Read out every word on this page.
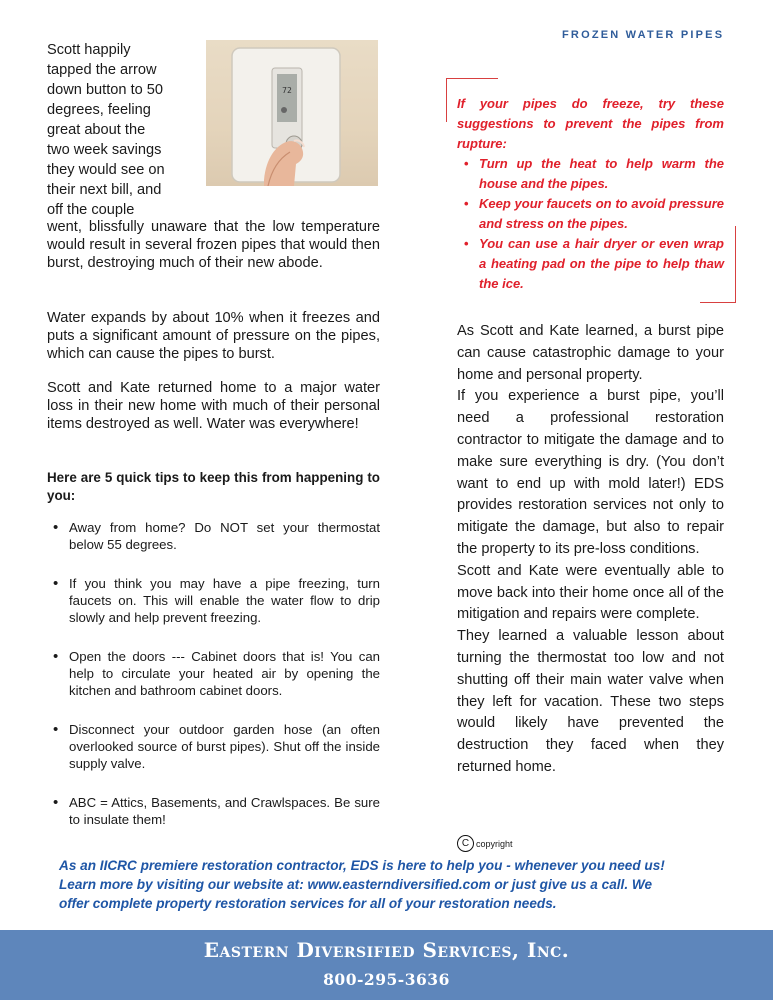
FROZEN WATER PIPES
72
Scott happily
tapped the arrow
down button to 50
degrees, feeling
great about the
two week savings
they would see on
their next bill, and
off the couple
went, blissfully unaware that the low temperature would result in several frozen pipes that would then burst, destroying much of their new abode.
Water expands by about 10% when it freezes and puts a significant amount of pressure on the pipes, which can cause the pipes to burst.
Scott and Kate returned home to a major water loss in their new home with much of their personal items destroyed as well. Water was everywhere!
Here are 5 quick tips to keep this from happening to you:
• Away from home? Do NOT set your thermostat below 55 degrees.
• If you think you may have a pipe freezing, turn faucets on. This will enable the water flow to drip slowly and help prevent freezing.
• Open the doors --- Cabinet doors that is! You can help to circulate your heated air by opening the kitchen and bathroom cabinet doors.
• Disconnect your outdoor garden hose (an often overlooked source of burst pipes). Shut off the inside supply valve.
• ABC = Attics, Basements, and Crawlspaces. Be sure to insulate them!
If your pipes do freeze, try these suggestions to prevent the pipes from rupture:
• Turn up the heat to help warm the house and the pipes.
• Keep your faucets on to avoid pressure and stress on the pipes.
• You can use a hair dryer or even wrap a heating pad on the pipe to help thaw the ice.

As Scott and Kate learned, a burst pipe can cause catastrophic damage to your home and personal property.

If you experience a burst pipe, you’ll need a professional restoration contractor to mitigate the damage and to make sure everything is dry. (You don’t want to end up with mold later!) EDS provides restoration services not only to mitigate the damage, but also to repair the property to its pre-loss conditions.

Scott and Kate were eventually able to move back into their home once all of the mitigation and repairs were complete.

They learned a valuable lesson about turning the thermostat too low and not shutting off their main water valve when they left for vacation. These two steps would likely have prevented the destruction they faced when they returned home.

C copyright
As an IICRC premiere restoration contractor, EDS is here to help you - whenever you need us!
Learn more by visiting our website at: www.easterndiversified.com or just give us a call. We
offer complete property restoration services for all of your restoration needs.
Eastern Diversified Services, Inc.
800-295-3636
